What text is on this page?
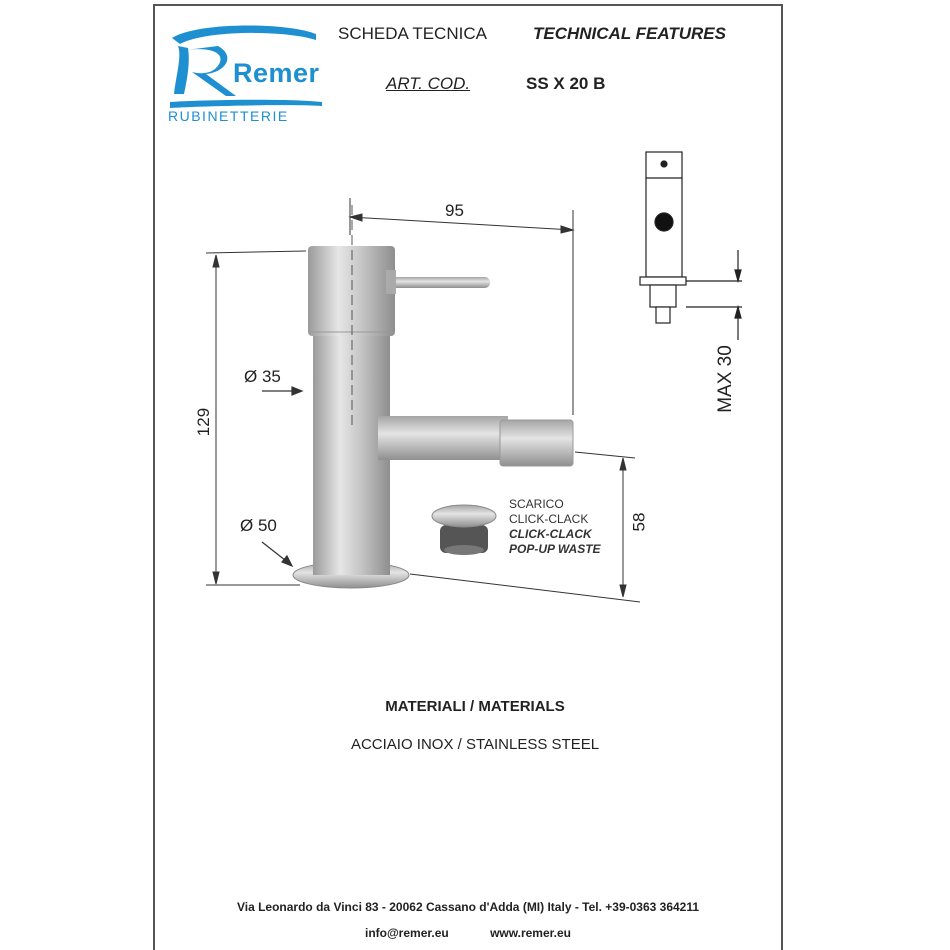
Remer
RUBINETTERIE
SCHEDA TECNICA	TECHNICAL FEATURES
ART. COD.	SS X 20 B
95
129
Ø 35
Ø 50	58
MAX 30
SCARICO
CLICK-CLACK
CLICK-CLACK
POP-UP WASTE
MATERIALI / MATERIALS
ACCIAIO INOX / STAINLESS STEEL
Via Leonardo da Vinci 83 - 20062 Cassano d'Adda (MI) Italy - Tel. +39-0363 364211
info@remer.eu	www.remer.eu
